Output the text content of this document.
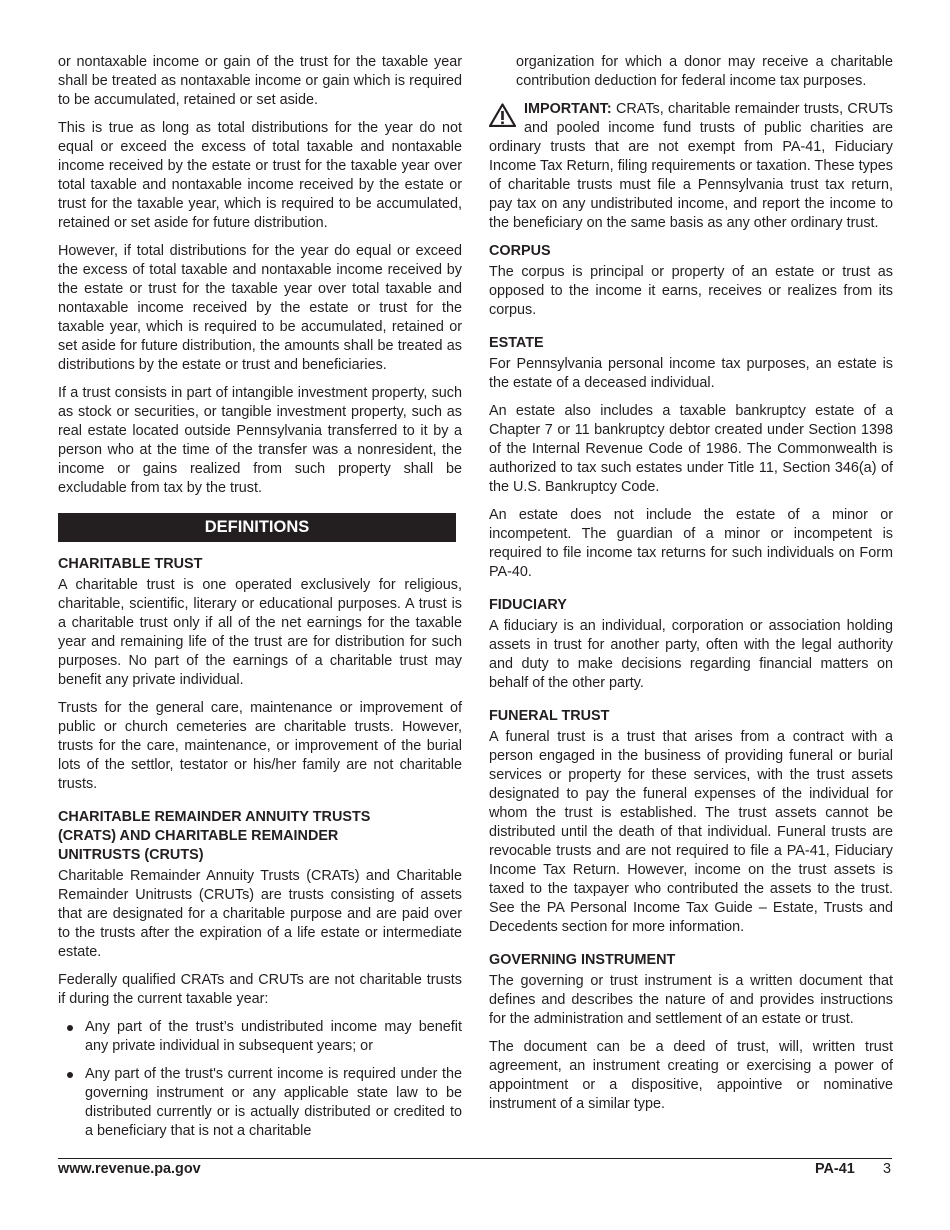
or nontaxable income or gain of the trust for the taxable year shall be treated as nontaxable income or gain which is required to be accumulated, retained or set aside.

This is true as long as total distributions for the year do not equal or exceed the excess of total taxable and nontaxable income received by the estate or trust for the taxable year over total taxable and nontaxable income received by the estate or trust for the taxable year, which is required to be accumulated, retained or set aside for future distribution.

However, if total distributions for the year do equal or exceed the excess of total taxable and nontaxable income received by the estate or trust for the taxable year over total taxable and nontaxable income received by the estate or trust for the taxable year, which is required to be accumulated, retained or set aside for future distribution, the amounts shall be treated as distributions by the estate or trust and beneficiaries.

If a trust consists in part of intangible investment property, such as stock or securities, or tangible investment property, such as real estate located outside Pennsylvania transferred to it by a person who at the time of the transfer was a nonresident, the income or gains realized from such property shall be excludable from tax by the trust.

DEFINITIONS
CHARITABLE TRUST

A charitable trust is one operated exclusively for religious, charitable, scientific, literary or educational purposes. A trust is a charitable trust only if all of the net earnings for the taxable year and remaining life of the trust are for distribution for such purposes. No part of the earnings of a charitable trust may benefit any private individual.

Trusts for the general care, maintenance or improvement of public or church cemeteries are charitable trusts. However, trusts for the care, maintenance, or improvement of the burial lots of the settlor, testator or his/her family are not charitable trusts.

CHARITABLE REMAINDER ANNUITY TRUSTS
(CRATS) AND CHARITABLE REMAINDER
UNITRUSTS (CRUTS)

Charitable Remainder Annuity Trusts (CRATs) and Charitable Remainder Unitrusts (CRUTs) are trusts consisting of assets that are designated for a charitable purpose and are paid over to the trusts after the expiration of a life estate or intermediate estate.

Federally qualified CRATs and CRUTs are not charitable trusts if during the current taxable year:

Any part of the trust’s undistributed income may benefit any private individual in subsequent years; or
Any part of the trust's current income is required under the governing instrument or any applicable state law to be distributed currently or is actually distributed or credited to a beneficiary that is not a charitable

organization for which a donor may receive a charitable contribution deduction for federal income tax purposes.

IMPORTANT: CRATs, charitable remainder trusts, CRUTs and pooled income fund trusts of public charities are ordinary trusts that are not exempt from PA-41, Fiduciary Income Tax Return, filing requirements or taxation. These types of charitable trusts must file a Pennsylvania trust tax return, pay tax on any undistributed income, and report the income to the beneficiary on the same basis as any other ordinary trust.

CORPUS

The corpus is principal or property of an estate or trust as opposed to the income it earns, receives or realizes from its corpus.

ESTATE

For Pennsylvania personal income tax purposes, an estate is the estate of a deceased individual.

An estate also includes a taxable bankruptcy estate of a Chapter 7 or 11 bankruptcy debtor created under Section 1398 of the Internal Revenue Code of 1986. The Commonwealth is authorized to tax such estates under Title 11, Section 346(a) of the U.S. Bankruptcy Code.

An estate does not include the estate of a minor or incompetent. The guardian of a minor or incompetent is required to file income tax returns for such individuals on Form PA-40.

FIDUCIARY

A fiduciary is an individual, corporation or association holding assets in trust for another party, often with the legal authority and duty to make decisions regarding financial matters on behalf of the other party.

FUNERAL TRUST

A funeral trust is a trust that arises from a contract with a person engaged in the business of providing funeral or burial services or property for these services, with the trust assets designated to pay the funeral expenses of the individual for whom the trust is established. The trust assets cannot be distributed until the death of that individual. Funeral trusts are revocable trusts and are not required to file a PA-41, Fiduciary Income Tax Return. However, income on the trust assets is taxed to the taxpayer who contributed the assets to the trust. See the PA Personal Income Tax Guide – Estate, Trusts and Decedents section for more information.

GOVERNING INSTRUMENT

The governing or trust instrument is a written document that defines and describes the nature of and provides instructions for the administration and settlement of an estate or trust.

The document can be a deed of trust, will, written trust agreement, an instrument creating or exercising a power of appointment or a dispositive, appointive or nominative instrument of a similar type.

www.revenue.pa.gov	PA-41 3
